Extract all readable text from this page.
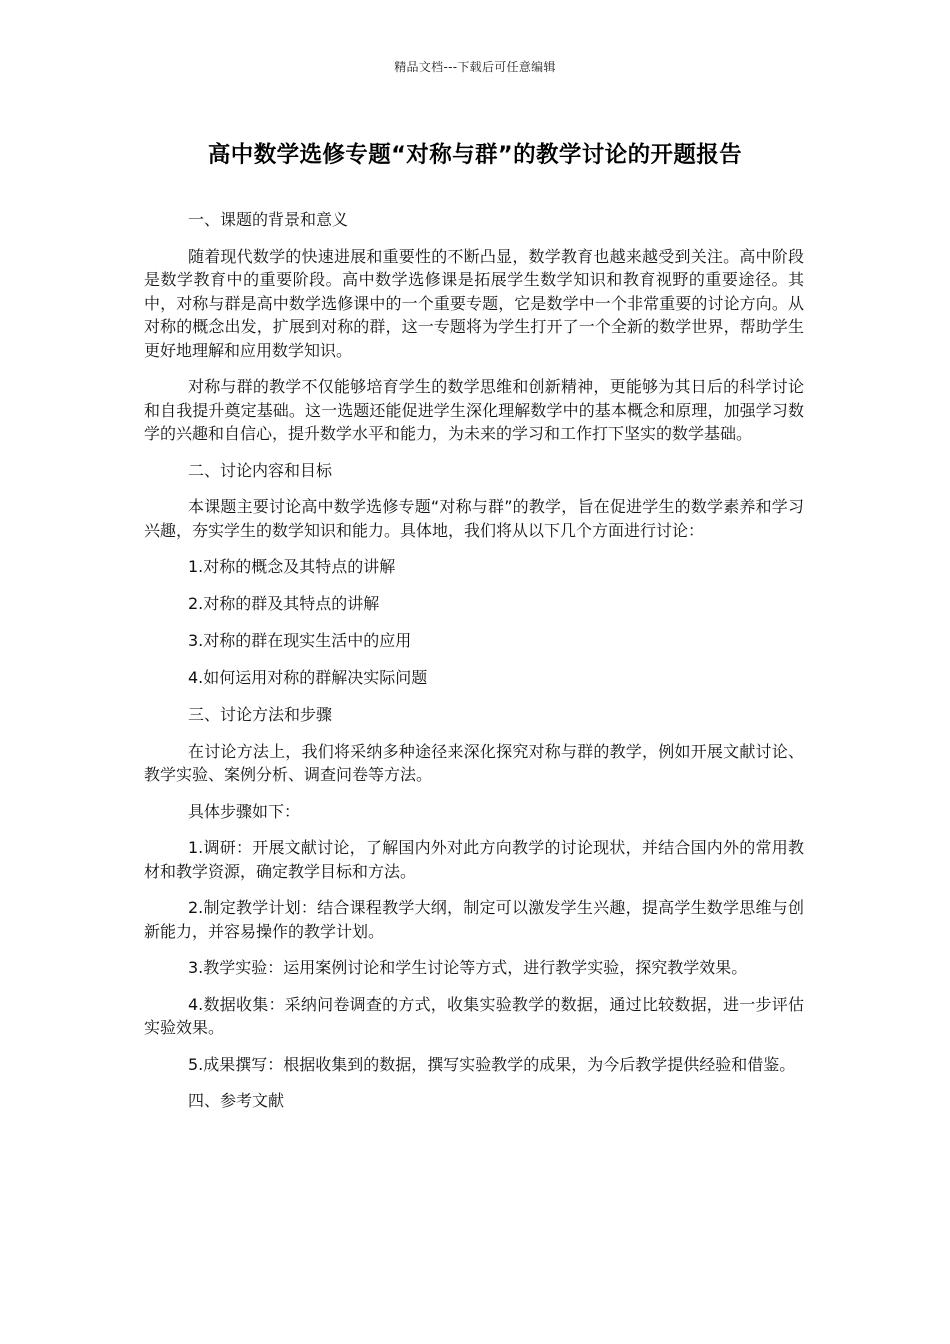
精品文档---下载后可任意编辑
高中数学选修专题“对称与群”的教学讨论的开题报告
一、课题的背景和意义

随着现代数学的快速进展和重要性的不断凸显，数学教育也越来越受到关注。高中阶段是数学教育中的重要阶段。高中数学选修课是拓展学生数学知识和教育视野的重要途径。其中，对称与群是高中数学选修课中的一个重要专题，它是数学中一个非常重要的讨论方向。从对称的概念出发，扩展到对称的群，这一专题将为学生打开了一个全新的数学世界，帮助学生更好地理解和应用数学知识。

对称与群的教学不仅能够培育学生的数学思维和创新精神，更能够为其日后的科学讨论和自我提升奠定基础。这一选题还能促进学生深化理解数学中的基本概念和原理，加强学习数学的兴趣和自信心，提升数学水平和能力，为未来的学习和工作打下坚实的数学基础。

二、讨论内容和目标

本课题主要讨论高中数学选修专题“对称与群”的教学，旨在促进学生的数学素养和学习兴趣，夯实学生的数学知识和能力。具体地，我们将从以下几个方面进行讨论：

1.对称的概念及其特点的讲解
2.对称的群及其特点的讲解
3.对称的群在现实生活中的应用
4.如何运用对称的群解决实际问题
三、讨论方法和步骤

在讨论方法上，我们将采纳多种途径来深化探究对称与群的教学，例如开展文献讨论、教学实验、案例分析、调查问卷等方法。

具体步骤如下：

1.调研：开展文献讨论，了解国内外对此方向教学的讨论现状，并结合国内外的常用教材和教学资源，确定教学目标和方法。

2.制定教学计划：结合课程教学大纲，制定可以激发学生兴趣，提高学生数学思维与创新能力，并容易操作的教学计划。

3.教学实验：运用案例讨论和学生讨论等方式，进行教学实验，探究教学效果。

4.数据收集：采纳问卷调查的方式，收集实验教学的数据，通过比较数据，进一步评估实验效果。

5.成果撰写：根据收集到的数据，撰写实验教学的成果，为今后教学提供经验和借鉴。

四、参考文献
